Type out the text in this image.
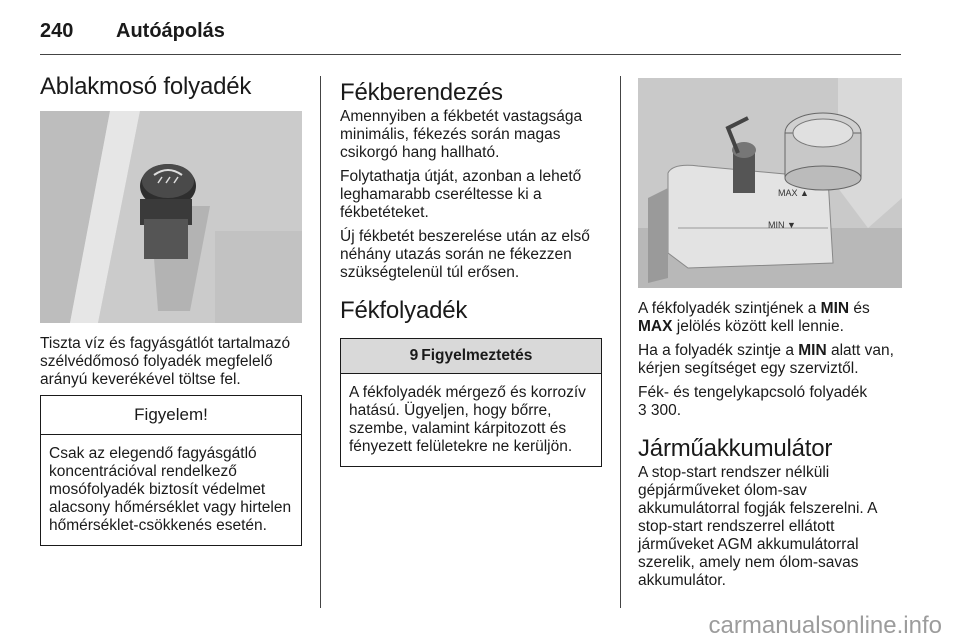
240 Autóápolás
Ablakmosó folyadék

Tiszta víz és fagyásgátlót tartalmazó szélvédőmosó folyadék megfelelő arányú keverékével töltse fel.

Figyelem!
Csak az elegendő fagyásgátló koncentrációval rendelkező mosófolyadék biztosít védelmet alacsony hőmérséklet vagy hirtelen hőmérséklet-csökkenés esetén.
Fékberendezés

Amennyiben a fékbetét vastagsága minimális, fékezés során magas csikorgó hang hallható.

Folytathatja útját, azonban a lehető leghamarabb cseréltesse ki a fékbetéteket.

Új fékbetét beszerelése után az első néhány utazás során ne fékezzen szükségtelenül túl erősen.

Fékfolyadék
9 Figyelmeztetés
A fékfolyadék mérgező és korrozív hatású. Ügyeljen, hogy bőrre, szembe, valamint kárpitozott és fényezett felületekre ne kerüljön.
MAX ▲
MIN ▼

A fékfolyadék szintjének a MIN és MAX jelölés között kell lennie.

Ha a folyadék szintje a MIN alatt van, kérjen segítséget egy szerviztől.

Fék- és tengelykapcsoló folyadék
3 300.

Járműakkumulátor

A stop-start rendszer nélküli gépjárműveket ólom-sav akkumulátorral fogják felszerelni. A stop-start rendszerrel ellátott járműveket AGM akkumulátorral szerelik, amely nem ólom-savas akkumulátor.

carmanualsonline.info
